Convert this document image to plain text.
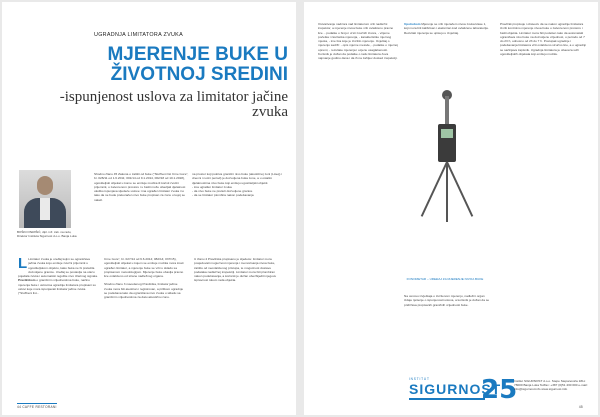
UGRADNJA LIMITATORA ZVUKA
MJERENJE BUKE U ŽIVOTNOJ SREDINI
-ispunjenost uslova za limitator jačine zvuka
BOŠKO PERIŠIĆ, dipl. inž. zaš. na radu, Direktor Instituta Sigurnost d.o.o. Banja Luka
Shodno članu 45 Zakona o zaštiti od buke ("Službeni list Crne Gore", br. 028/11 od 1.6.2011; 001/14 od 9.1.2014, 002/18 od 10.1.2018), ugostiteljski objekat u kome se emituje muzika ili koristi zvučni prijemnik, u zatvorenom prostoru i u bašti može obavljati djelatnost ukoliko ispunjava sljedeće uslove: ima ugrađen limitator zvuka i to tako da ne bude prekoračen nivo buke propisan za zonu u kojoj se nalazi.
na prostor koji pokriva granični nivo buke (akustičnoj zoni (LAeq) i dnevni i noćni period) je dozvoljena buka zone, a u ostalim djelatnostima nivo buke koji emituju ugostiteljski objekti.
- ima ugrađen limitator zvuka
- da nivo buke ne prelazi dozvoljene granice
- da se limitator plombira nakon podešavanja
L Limitator zvuka je uređaj kojim se ograničava jačina zvuka koju emituje zvučni prijemnik u ugostiteljskom objektu, kako buka ne bi prelazila dozvoljene granice. Uređaj se postavlja na ulazu pojačala zvuka i automatski reguliše nivo izlaznog signala.
Pravilnikom o graničnim vrijednostima buke, načinu mjerenja buke i uslovima ugradnje limitatora propisani su uslovi koje mora ispunjavati limitator jačine zvuka ("Službeni list...
Crne Gore", br. 027/14 od 9.6.2014; 082/14; 037/15), ugostiteljski objekat u kojem se emituje muzika mora imati ugrađen limitator, a mjerenje buke se vrši u skladu sa propisanom metodologijom. Mjerenje buke obavlja pravno lice ovlašćeno od strane nadležnog organa.
Shodno članu 3 navedenog Pravilnika, limitator jačine zvuka mora biti atestiran i registrovan, a prilikom ugradnje se podešava tako da ograničava nivo zvuka u skladu sa graničnim vrijednostima za datu akustičnu zonu.
U članu 4 Pravilnika propisano je sljedeće: limitator mora posjedovati mogućnost mjerenja i memorisanja nivoa buke, zaštitu od neovlašćenog pristupa, te mogućnost dostave podataka nadležnoj inspekciji. Limitator mora biti plombiran nakon podešavanja, a korisnik je dužan obezbijediti njegovu ispravnost tokom rada objekta.
44 CAFFE RESTORANI
Ostvarivanje nadzora nad limitatorom vrši nadležni inspektor, a mjerenje nivoa buke vrši ovlašćeno pravno lice. - podatke o broju i vrsti zvučnih izvora, - vrijeme početka i završetka mjerenja, - karakteristike mjernog mjesta, - ime lica koje je izvršilo mjerenje. Izvještaj o mjerenju sadrži: - opis mjerne metode, - podatke o mjernoj opremi, - rezultate mjerenja i ocjenu usaglašenosti. Korisnik je dužan da podatke o radu limitatora čuva najmanje godinu dana i da ih na zahtjev dostavi inspekciji.
Upotrebom Mjerenje se vrši mjeračem nivoa zvuka klase 1, koji mora biti kalibrisan i etaloniran kod ovlašćene laboratorije. Rezultati mjerenja se upisuju u izvještaj.
FONOMETAR – UREĐAJ ZA MJERENJE NIVOA BUKE
Na osnovu izvještaja o izvršenom mjerenju, nadležni organ izdaje rješenje o ispunjenosti uslova, a korisnik je dužan da se pridržava propisanih graničnih vrijednosti buke.
Pravilnik propisuje i obavezu da se nakon ugradnje limitatora izvrši kontrolno mjerenje nivoa buke u zatvorenom prostoru i bašti objekta. Limitator mora biti podešen tako da automatski ograničava nivo buke na dozvoljenu vrijednost, u periodu od 7 do 23 h, odnosno od 23 do 7 h. Postupak ugradnje i podešavanja limitatora vrši ovlašćeno stručno lice, a o ugradnji se sačinjava zapisnik. Ugradnja limitatora je obaveza svih ugostiteljskih objekata koji emituju muziku.
INSTITUT
SIGURNOST
25
Institut SIGURNOST d.o.o. Stepe Stepanovića 181c 78000 Banja Luka Tel/fax: +387 (0)51 430 000 e-mail: info@sigurnost.info www.sigurnost.info
45
